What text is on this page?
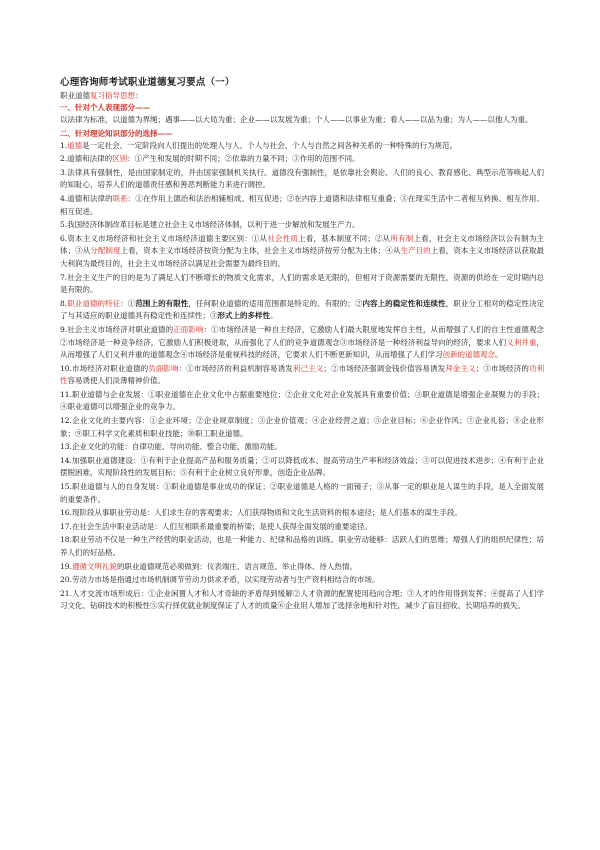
心理咨询师考试职业道德复习要点（一）
职业道德复习指导思想：
一、针对个人表现部分——
以法律为标准，以道德为界绳；遇事——以大局为重；企业——以发展为重；个人——以事业为重；看人——以品为重；为人——以他人为重。
二、针对理论知识部分的选择——
1.道德是一定社会、一定阶段向人们提出的处理人与人、个人与社会、个人与自然之间各种关系的一种特殊的行为规范。
2.道德和法律的区别：①产生和发展的时期不同；②依靠的力量不同；③作用的范围不同。
3.法律具有强制性，是由国家制定的，并由国家强制机关执行。道德没有强制性，是依靠社会舆论、人们的良心、教育感化、典型示范等唤起人们的知耻心，培养人们的道德责任感和善恶判断能力来进行调控。
4.道德和法律的联系：①在作用上德治和法治相辅相成、相互促进；②在内容上道德和法律相互重叠；③在现实生活中二者相互转换、相互作用、相互促进。
5.我国经济体制改革目标是建立社会主义市场经济体制，以利于进一步解放和发展生产力。
6.资本主义市场经济和社会主义市场经济道德主要区别：①从社会性质上看，基本制度不同；②从所有制上看，社会主义市场经济以公有制为主体；③从分配制度上看，资本主义市场经济按资分配为主体，社会主义市场经济按劳分配为主体；④从生产目的上看，资本主义市场经济以获取最大利润为最终目的，社会主义市场经济以满足社会需要为最终目的。
7.社会主义生产的目的是为了满足人们不断增长的物质文化需求，人们的需求是无限的，但相对于资源需要的无限性，资源的供给在一定时期内总是有限的。
8.职业道德的特征：①范围上的有限性，任何职业道德的适用范围都是特定的、有限的；②内容上的稳定性和连续性，职业分工相对的稳定性决定了与其适应的职业道德具有稳定性和连续性；③形式上的多样性。
9.社会主义市场经济对职业道德的正面影响：①市场经济是一种自主经济，它激励人们最大限度地发挥自主性，从而增强了人们的自主性道德观念②市场经济是一种竞争经济，它激励人们积极进取，从而强化了人们的竞争道德观念③市场经济是一种经济利益导向的经济，要求人们义利并重，从而增强了人们义利并重的道德观念④市场经济是重视科技的经济，它要求人们不断更新知识，从而增强了人们学习创新的道德观念。
10.市场经济对职业道德的负面影响：①市场经济的利益机制容易诱发利己主义；②市场经济强调金钱价值容易诱发拜金主义；③市场经济的功利性容易诱使人们淡薄精神价值。
11.职业道德与企业发展：①职业道德在企业文化中占据重要地位；②企业文化对企业发展具有重要价值；③职业道德是增强企业凝聚力的手段；④职业道德可以增强企业的竞争力。
12.企业文化的主要内容：①企业环境；②企业规章制度；③企业价值观；④企业经营之道；⑤企业目标；⑥企业作风；⑦企业礼俗；⑧企业形象；⑨职工科学文化素质和职业技能；⑩职工职业道德。
13.企业文化的功能：自律功能、导向功能、整合功能、激励功能。
14.加强职业道德建设：①有利于企业提高产品和服务质量；②可以降低成本、提高劳动生产率和经济效益；③可以促进技术进步；④有利于企业摆脱困难，实现阶段性的发展目标；⑤有利于企业树立良好形象，创造企业品牌。
15.职业道德与人的自身发展：①职业道德是事业成功的保证；②职业道德是人格的一面镜子；③从事一定的职业是人谋生的手段，是人全面发展的重要条件。
16.现阶段从事职业劳动是：人们求生存的客观要求；人们获得物质和文化生活资料的根本途径；是人们基本的谋生手段。
17.在社会生活中职业活动是：人们互相联系最重要的桥梁；是使人获得全面发展的重要途径。
18.职业劳动不仅是一种生产经营的职业活动，也是一种能力、纪律和品格的训练。职业劳动能够：活跃人们的思维；增强人们的组织纪律性；培养人们的好品格。
19.遵循文明礼貌的职业道德规范必须做到：仪表端庄、语言规范、举止得体、待人热情。
20.劳动力市场是指通过市场机制调节劳动力供求矛盾，以实现劳动者与生产资料相结合的市场。
21.人才交流市场形成后：①企业闲置人才和人才奇缺的矛盾得到缓解②人才资源的配置使用趋向合理；③人才的作用得到发挥；④提高了人们学习文化、钻研技术的积极性⑤实行择优就业制度保证了人才的质量⑥企业用人增加了选择余地和针对性，减少了盲目招收、长期培养的损失。
